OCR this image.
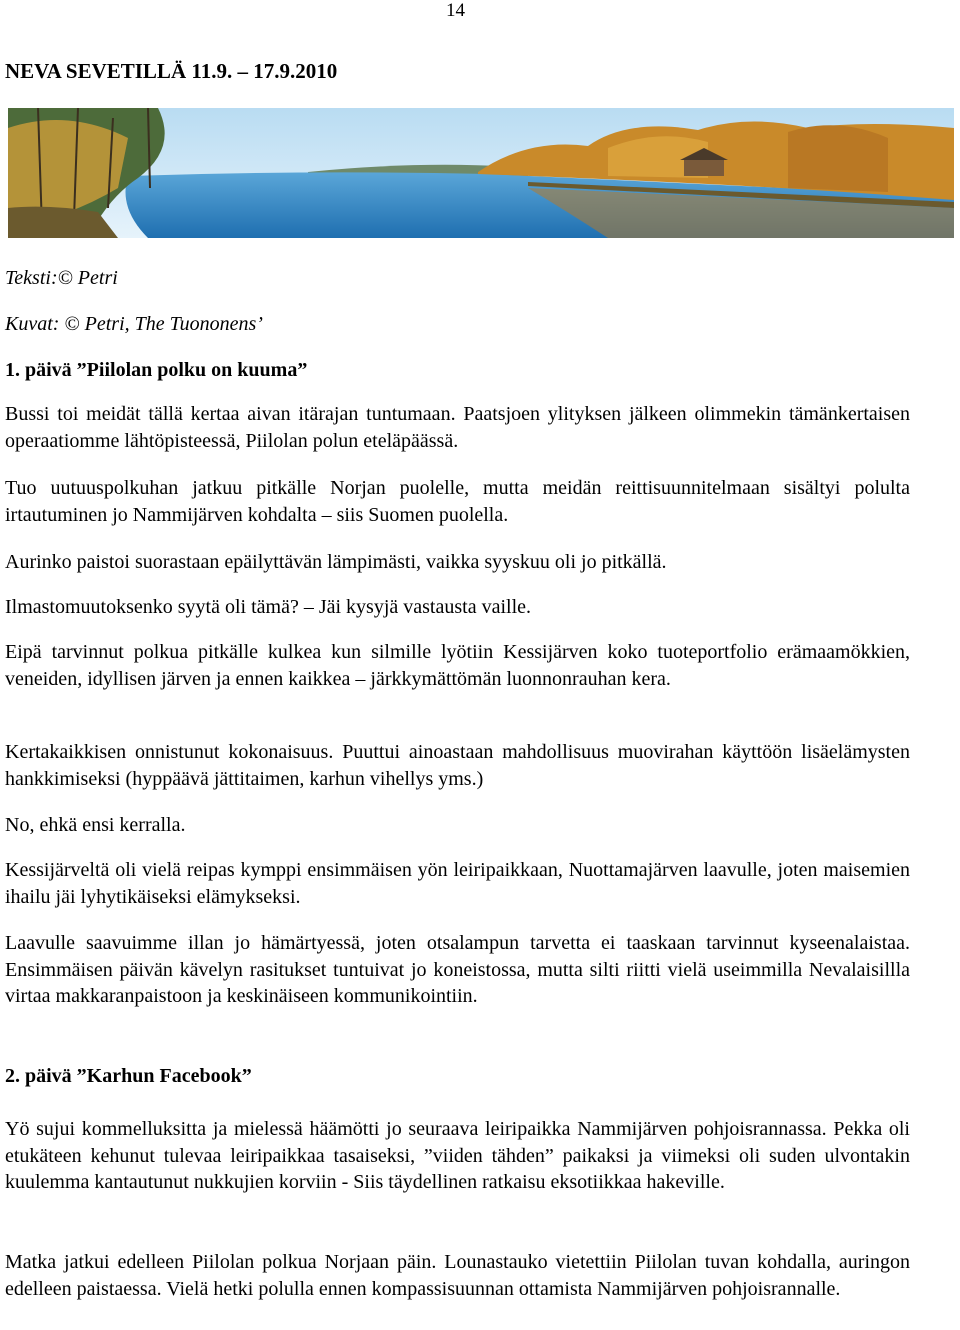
14
NEVA SEVETILLÄ 11.9. – 17.9.2010
Teksti:© Petri
Kuvat: © Petri, The Tuononens’
1. päivä ”Piilolan polku on kuuma”

Bussi toi meidät tällä kertaa aivan itärajan tuntumaan. Paatsjoen ylityksen jälkeen olimmekin tämänkertaisen operaatiomme lähtöpisteessä, Piilolan polun eteläpäässä.

Tuo uutuuspolkuhan jatkuu pitkälle Norjan puolelle, mutta meidän reittisuunnitelmaan sisältyi polulta irtautuminen jo Nammijärven kohdalta – siis Suomen puolella.

Aurinko paistoi suorastaan epäilyttävän lämpimästi, vaikka syyskuu oli jo pitkällä.

Ilmastomuutoksenko syytä oli tämä? – Jäi kysyjä vastausta vaille.

Eipä tarvinnut polkua pitkälle kulkea kun silmille lyötiin Kessijärven koko tuoteportfolio erämaamökkien, veneiden, idyllisen järven ja ennen kaikkea – järkkymättömän luonnonrauhan kera.

Kertakaikkisen onnistunut kokonaisuus. Puuttui ainoastaan mahdollisuus muovirahan käyttöön lisäelämysten hankkimiseksi (hyppäävä jättitaimen, karhun vihellys yms.)

No, ehkä ensi kerralla.

Kessijärveltä oli vielä reipas kymppi ensimmäisen yön leiripaikkaan, Nuottamajärven laavulle, joten maisemien ihailu jäi lyhytikäiseksi elämykseksi.

Laavulle saavuimme illan jo hämärtyessä, joten otsalampun tarvetta ei taaskaan tarvinnut kyseenalaistaa. Ensimmäisen päivän kävelyn rasitukset tuntuivat jo koneistossa, mutta silti riitti vielä useimmilla Nevalaisillla virtaa makkaranpaistoon ja keskinäiseen kommunikointiin.

2. päivä ”Karhun Facebook”

Yö sujui kommelluksitta ja mielessä häämötti jo seuraava leiripaikka Nammijärven pohjoisrannassa. Pekka oli etukäteen kehunut tulevaa leiripaikkaa tasaiseksi, ”viiden tähden” paikaksi ja viimeksi oli suden ulvontakin kuulemma kantautunut nukkujien korviin - Siis täydellinen ratkaisu eksotiikkaa hakeville.

Matka jatkui edelleen Piilolan polkua Norjaan päin. Lounastauko vietettiin Piilolan tuvan kohdalla, auringon edelleen paistaessa. Vielä hetki polulla ennen kompassisuunnan ottamista Nammijärven pohjoisrannalle.
